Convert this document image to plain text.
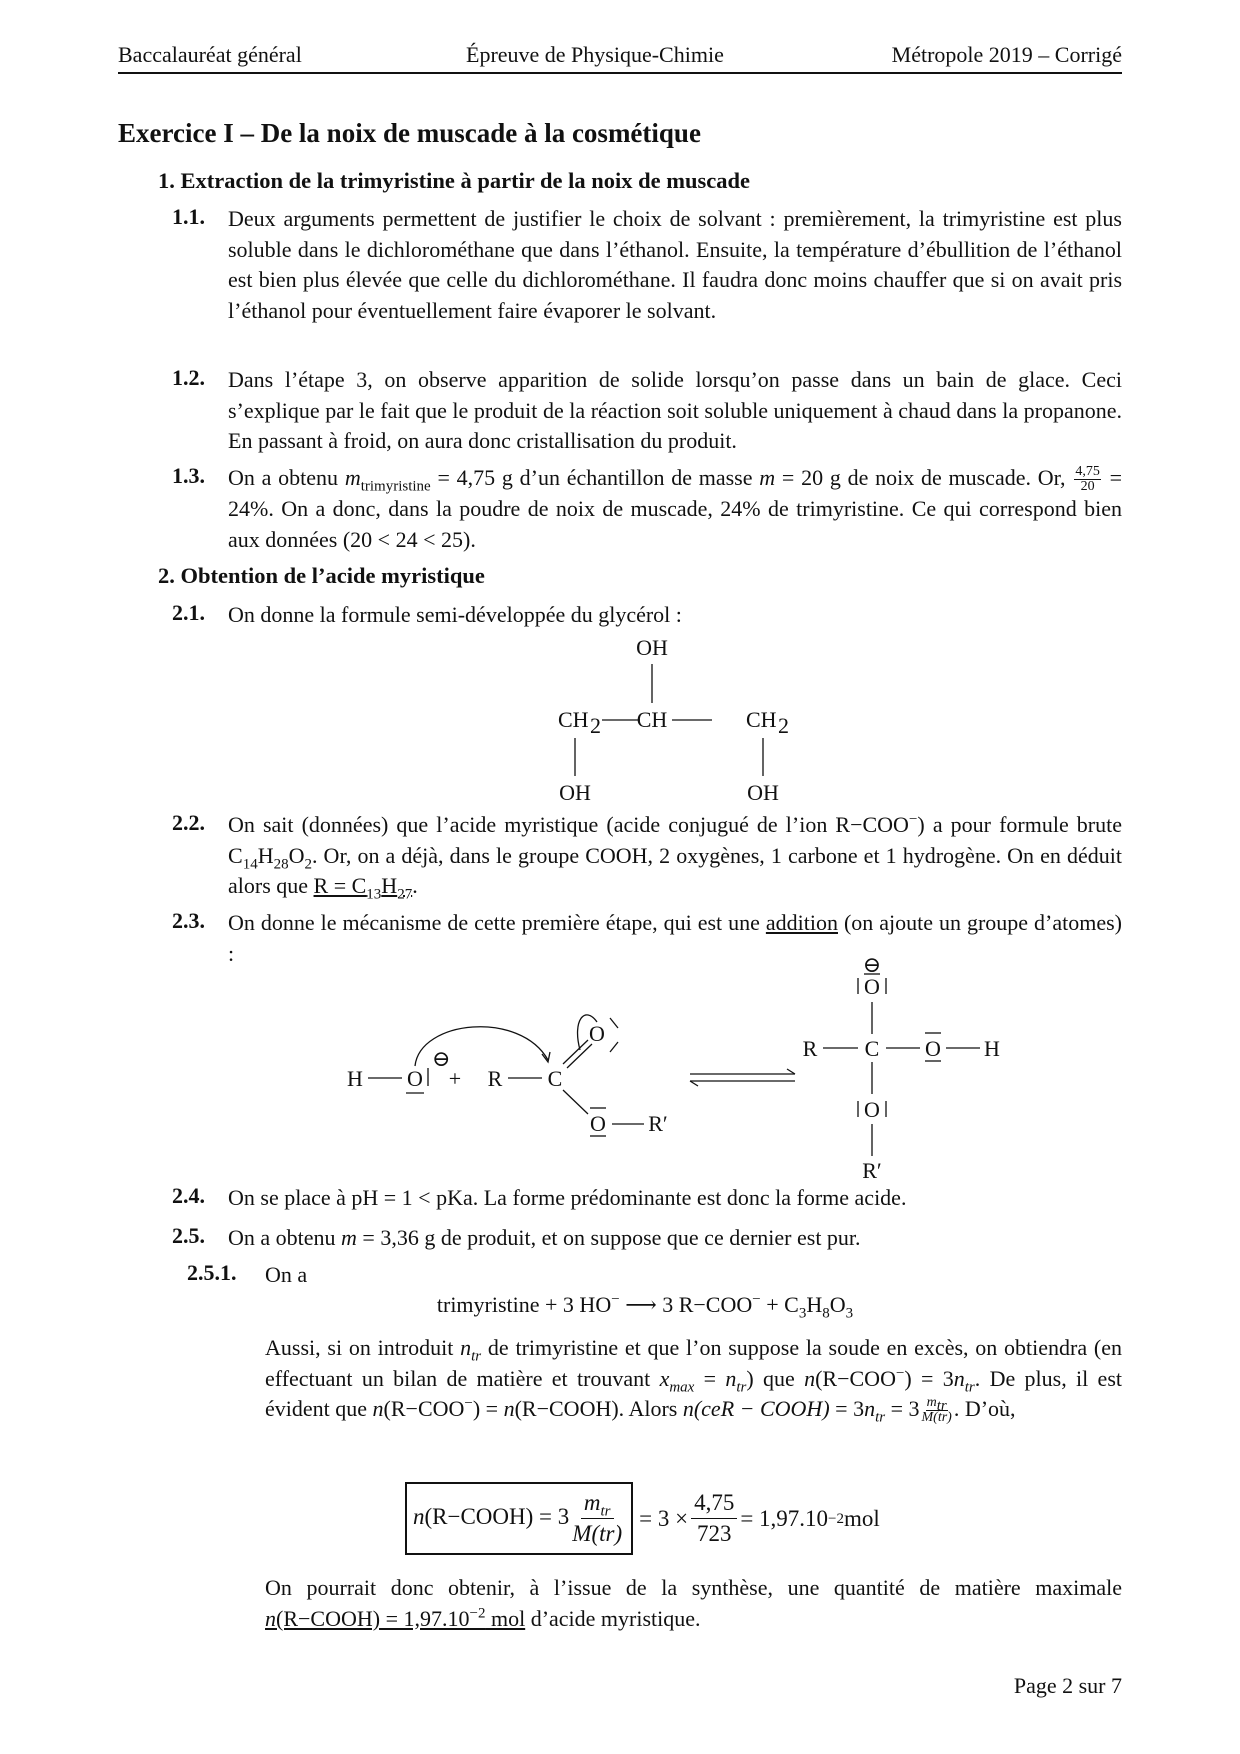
Baccalauréat général	Épreuve de Physique-Chimie	Métropole 2019 – Corrigé
Exercice I – De la noix de muscade à la cosmétique
1. Extraction de la trimyristine à partir de la noix de muscade
1.1. Deux arguments permettent de justifier le choix de solvant : premièrement, la trimyristine est plus soluble dans le dichlorométhane que dans l’éthanol. Ensuite, la température d’ébullition de l’éthanol est bien plus élevée que celle du dichlorométhane. Il faudra donc moins chauffer que si on avait pris l’éthanol pour éventuellement faire évaporer le solvant.
1.2. Dans l’étape 3, on observe apparition de solide lorsqu’on passe dans un bain de glace. Ceci s’explique par le fait que le produit de la réaction soit soluble uniquement à chaud dans la propanone. En passant à froid, on aura donc cristallisation du produit.
1.3. On a obtenu $m_{trimyristine} = 4,75$ g d’un échantillon de masse m = 20 g de noix de muscade. Or, $\frac{4,75}{20} = 24\%$. On a donc, dans la poudre de noix de muscade, 24% de trimyristine. Ce qui correspond bien aux données (20 < 24 < 25).
2. Obtention de l’acide myristique
2.1. On donne la formule semi-développée du glycérol :
OH
CH 2 CH	CH 2
OH	OH
H O
⊖
+ R C
O
O R′
⊖
O
R C O H
O
R′
2.2. On sait (données) que l’acide myristique (acide conjugué de l’ion R−COO−) a pour formule brute $C_{14}H_{28}O_2$. Or, on a déjà, dans le groupe COOH, 2 oxygènes, 1 carbone et 1 hydrogène. On en déduit alors que $R = C_{13}H_{27}$.
2.3. On donne le mécanisme de cette première étape, qui est une addition (on ajoute un groupe d’atomes) :
2.4. On se place à pH = 1 < pKa. La forme prédominante est donc la forme acide.
2.5. On a obtenu m = 3,36 g de produit, et on suppose que ce dernier est pur.
2.5.1. On a
trimyristine + 3 HO− ⟶ 3 $R-COO^- + C_3H_8O_3$
Aussi, si on introduit $n_{tr}$ de trimyristine et que l’on suppose la soude en excès, on obtiendra (en effectuant un bilan de matière et trouvant $x_{max} = n_{tr}$) que $n(R-COO^-) = 3n_{tr}$. De plus, il est évident que n(R−COO−) = n(R−COOH). Alors n(ceR − COOH) = $3n_{tr} = 3 \frac{m_{tr}}{M(tr)}$ . D’où,
n(R−COOH) = 3
$m_{tr}$
M(tr)
= $3 \times \frac{4,75}{723} = 1,97.10 -2$ mol
On pourrait donc obtenir, à l’issue de la synthèse, une quantité de matière maximale n(R−COOH) = $1,97.10^{-2}$ mol d’acide myristique.
Page 2 sur 7
